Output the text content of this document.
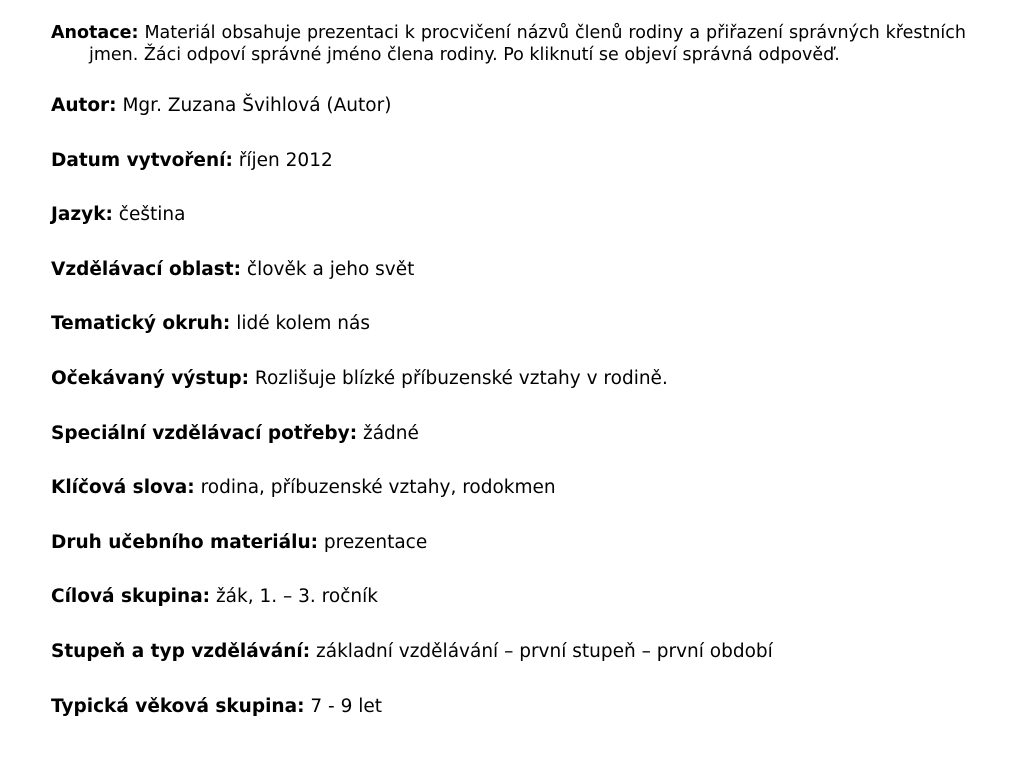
Anotace: Materiál obsahuje prezentaci k procvičení názvů členů rodiny a přiřazení správných křestních jmen. Žáci odpoví správné jméno člena rodiny. Po kliknutí se objeví správná odpověď.

Autor: Mgr. Zuzana Švihlová (Autor)
Datum vytvoření: říjen 2012
Jazyk: čeština
Vzdělávací oblast: člověk a jeho svět
Tematický okruh: lidé kolem nás
Očekávaný výstup: Rozlišuje blízké příbuzenské vztahy v rodině.
Speciální vzdělávací potřeby: žádné
Klíčová slova: rodina, příbuzenské vztahy, rodokmen
Druh učebního materiálu: prezentace
Cílová skupina: žák, 1. – 3. ročník
Stupeň a typ vzdělávání: základní vzdělávání – první stupeň – první období
Typická věková skupina: 7 - 9 let
